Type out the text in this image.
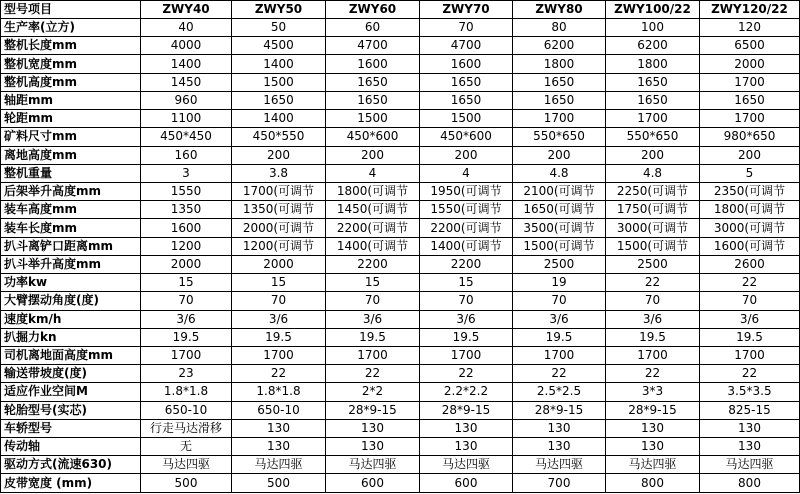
型号项目	ZWY40	ZWY50	ZWY60	ZWY70	ZWY80	ZWY100/22	ZWY120/22
生产率(立方)	40	50	60	70	80	100	120
整机长度mm	4000	4500	4700	4700	6200	6200	6500
整机宽度mm	1400	1400	1600	1600	1800	1800	2000
整机高度mm	1450	1500	1650	1650	1650	1650	1700
轴距mm	960	1650	1650	1650	1650	1650	1650
轮距mm	1100	1400	1500	1500	1700	1700	1700
矿料尺寸mm	450*450	450*550	450*600	450*600	550*650	550*650	980*650
离地高度mm	160	200	200	200	200	200	200
整机重量	3	3.8	4	4	4.8	4.8	5
后架举升高度mm	1550	1700(可调节	1800(可调节	1950(可调节	2100(可调节	2250(可调节	2350(可调节
装车高度mm	1350	1350(可调节	1450(可调节	1550(可调节	1650(可调节	1750(可调节	1800(可调节
装车长度mm	1600	2000(可调节	2200(可调节	2200(可调节	3500(可调节	3000(可调节	3000(可调节
扒斗离铲口距离mm	1200	1200(可调节	1400(可调节	1400(可调节	1500(可调节	1500(可调节	1600(可调节
扒斗举升高度mm	2000	2000	2200	2200	2500	2500	2600
功率kw	15	15	15	15	19	22	22
大臂摆动角度(度)	70	70	70	70	70	70	70
速度km/h	3/6	3/6	3/6	3/6	3/6	3/6	3/6
扒掘力kn	19.5	19.5	19.5	19.5	19.5	19.5	19.5
司机离地面高度mm	1700	1700	1700	1700	1700	1700	1700
输送带坡度(度)	23	22	22	22	22	22	22
适应作业空间M	1.8*1.8	1.8*1.8	2*2	2.2*2.2	2.5*2.5	3*3	3.5*3.5
轮胎型号(实芯)	650-10	650-10	28*9-15	28*9-15	28*9-15	28*9-15	825-15
车轿型号	行走马达滑移	130	130	130	130	130	130
传动轴	无	130	130	130	130	130	130
驱动方式(流速630)	马达四驱	马达四驱	马达四驱	马达四驱	马达四驱	马达四驱	马达四驱
皮带宽度 (mm)	500	500	600	600	700	800	800
